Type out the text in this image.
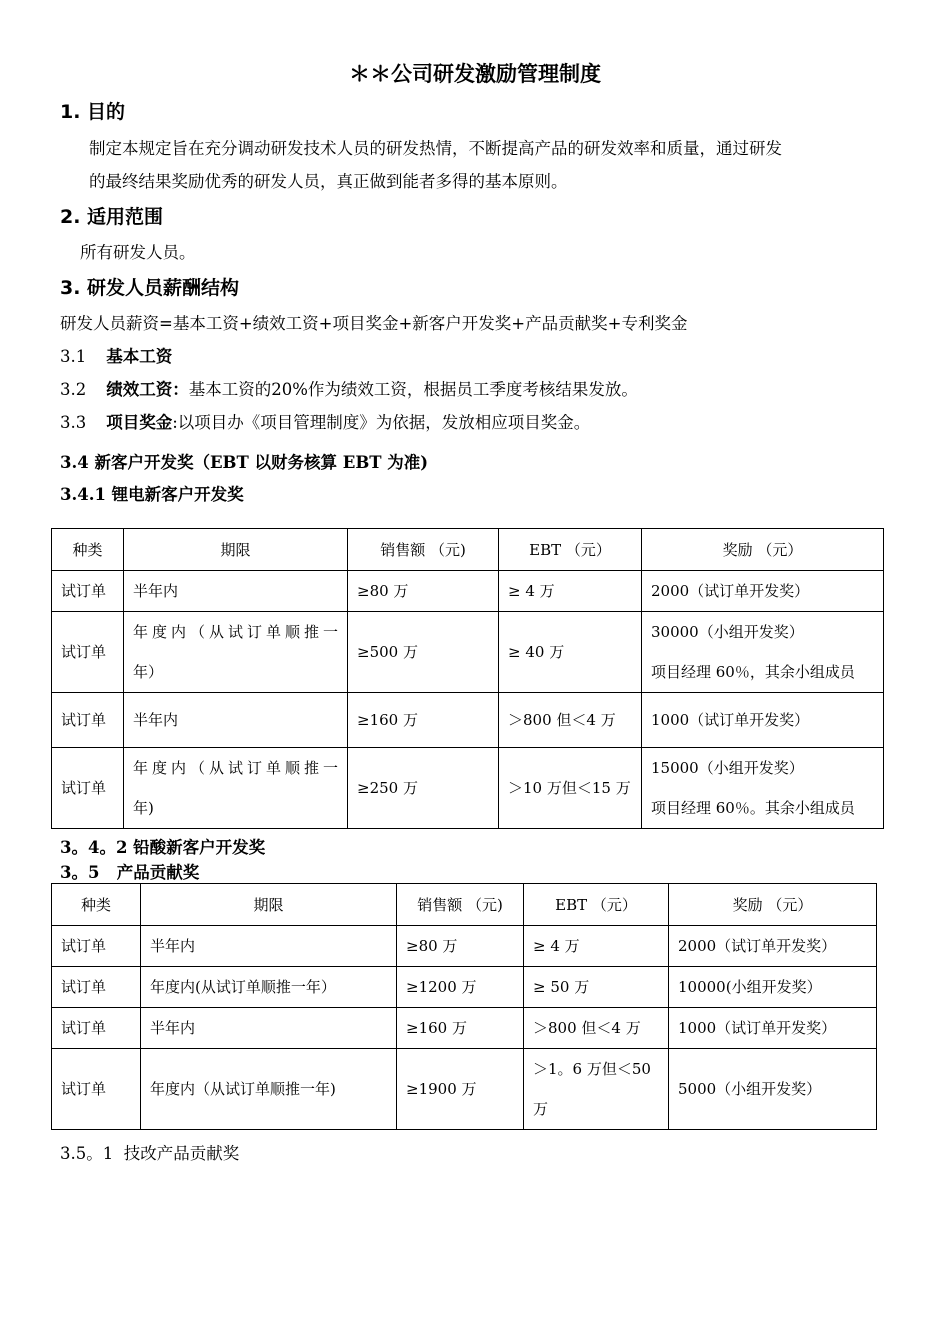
＊＊公司研发激励管理制度
1. 目的
制定本规定旨在充分调动研发技术人员的研发热情，不断提高产品的研发效率和质量，通过研发
的最终结果奖励优秀的研发人员，真正做到能者多得的基本原则。
2. 适用范围
所有研发人员。
3. 研发人员薪酬结构
研发人员薪资=基本工资+绩效工资+项目奖金+新客户开发奖+产品贡献奖+专利奖金
3.1 基本工资
3.2 绩效工资：基本工资的20%作为绩效工资，根据员工季度考核结果发放。
3.3 项目奖金:以项目办《项目管理制度》为依据，发放相应项目奖金。
3.4 新客户开发奖（EBT 以财务核算 EBT 为准)
3.4.1 锂电新客户开发奖
种类	期限	销售额 （元)	EBT （元）	奖励 （元）
试订单	半年内	≥80 万	≥ 4 万	2000（试订单开发奖）
试订单	年度内（从试订单顺推一
年）	≥500 万	≥ 40 万	30000（小组开发奖）
项目经理 60％，其余小组成员

试订单	半年内	≥160 万	＞800 但＜4 万	1000（试订单开发奖）
试订单	年度内（从试订单顺推一
年)	≥250 万	＞10 万但＜15 万	15000（小组开发奖）
项目经理 60％。其余小组成员
3。4。2 铅酸新客户开发奖
3。5   产品贡献奖
种类	期限	销售额 （元)	EBT （元）	奖励 （元）
试订单	半年内	≥80 万	≥ 4 万	2000（试订单开发奖）
试订单	年度内(从试订单顺推一年）	≥1200 万	≥ 50 万	10000(小组开发奖）
试订单	半年内	≥160 万	＞800 但＜4 万	1000（试订单开发奖）
试订单	年度内（从试订单顺推一年)	≥1900 万	＞1。6 万但＜50
万	5000（小组开发奖）
3.5。1  技改产品贡献奖
